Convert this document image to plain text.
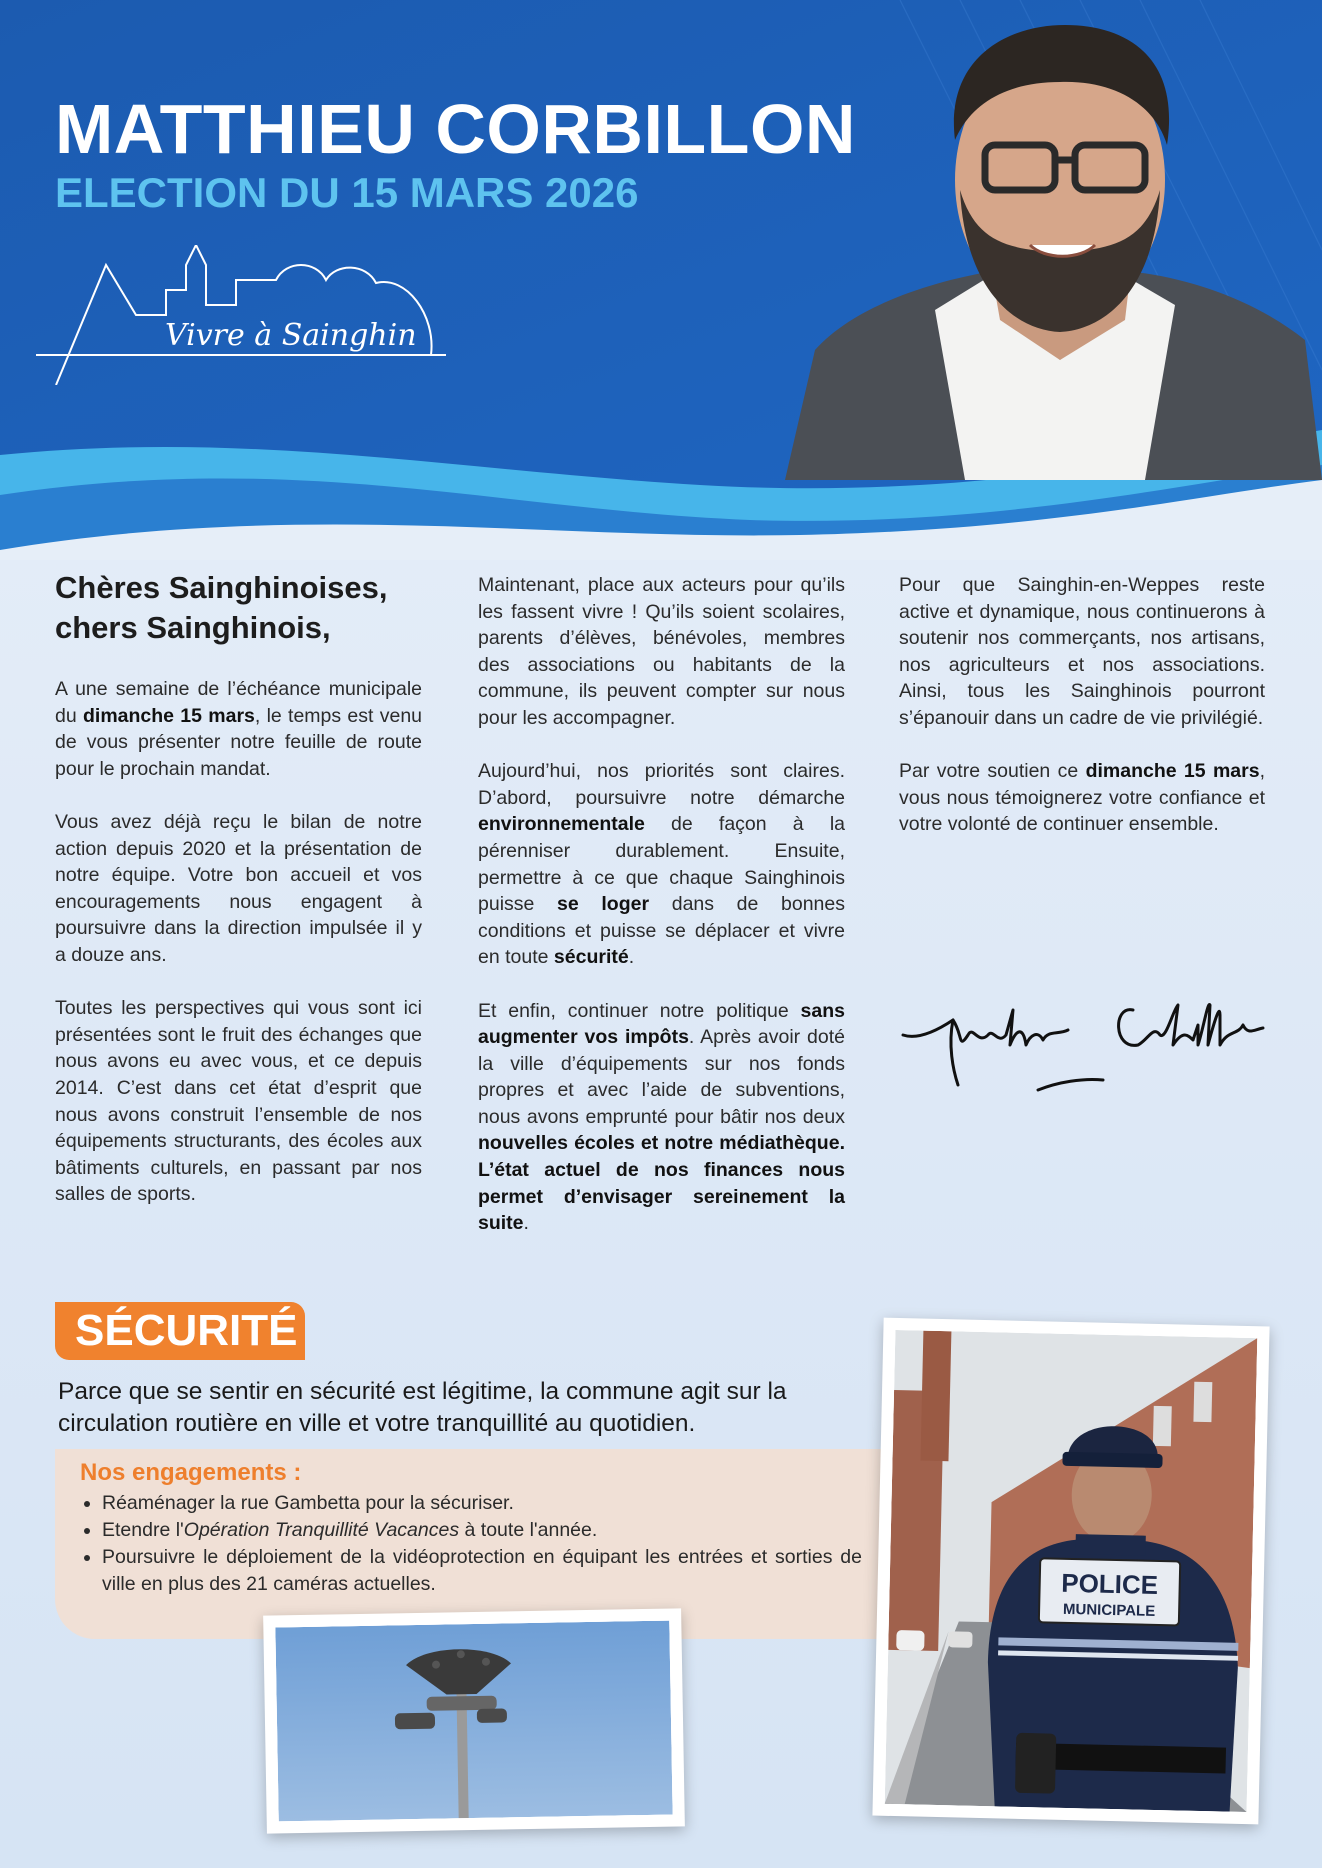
MATTHIEU CORBILLON
ELECTION DU 15 MARS 2026
Vivre à Sainghin
Chères Sainghinoises, chers Sainghinois,

A une semaine de l’échéance municipale du dimanche 15 mars, le temps est venu de vous présenter notre feuille de route pour le prochain mandat.

Vous avez déjà reçu le bilan de notre action depuis 2020 et la présentation de notre équipe. Votre bon accueil et vos encouragements nous engagent à poursuivre dans la direction impulsée il y a douze ans.

Toutes les perspectives qui vous sont ici présentées sont le fruit des échanges que nous avons eu avec vous, et ce depuis 2014. C’est dans cet état d’esprit que nous avons construit l’ensemble de nos équipements structurants, des écoles aux bâtiments culturels, en passant par nos salles de sports.

Maintenant, place aux acteurs pour qu’ils les fassent vivre ! Qu’ils soient scolaires, parents d’élèves, bénévoles, membres des associations ou habitants de la commune, ils peuvent compter sur nous pour les accompagner.

Aujourd’hui, nos priorités sont claires. D’abord, poursuivre notre démarche environnementale de façon à la pérenniser durablement. Ensuite, permettre à ce que chaque Sainghinois puisse se loger dans de bonnes conditions et puisse se déplacer et vivre en toute sécurité.

Et enfin, continuer notre politique sans augmenter vos impôts. Après avoir doté la ville d’équipements sur nos fonds propres et avec l’aide de subventions, nous avons emprunté pour bâtir nos deux nouvelles écoles et notre médiathèque. L’état actuel de nos finances nous permet d’envisager sereinement la suite.

Pour que Sainghin-en-Weppes reste active et dynamique, nous continuerons à soutenir nos commerçants, nos artisans, nos agriculteurs et nos associations. Ainsi, tous les Sainghinois pourront s’épanouir dans un cadre de vie privilégié.

Par votre soutien ce dimanche 15 mars, vous nous témoignerez votre confiance et votre volonté de continuer ensemble.

SÉCURITÉ

Parce que se sentir en sécurité est légitime, la commune agit sur la circulation routière en ville et votre tranquillité au quotidien.

Nos engagements :
• Réaménager la rue Gambetta pour la sécuriser.
• Etendre l'Opération Tranquillité Vacances à toute l'année.
• Poursuivre le déploiement de la vidéoprotection en équipant les entrées et sorties de ville en plus des 21 caméras actuelles.	POLICE
MUNICIPALE
